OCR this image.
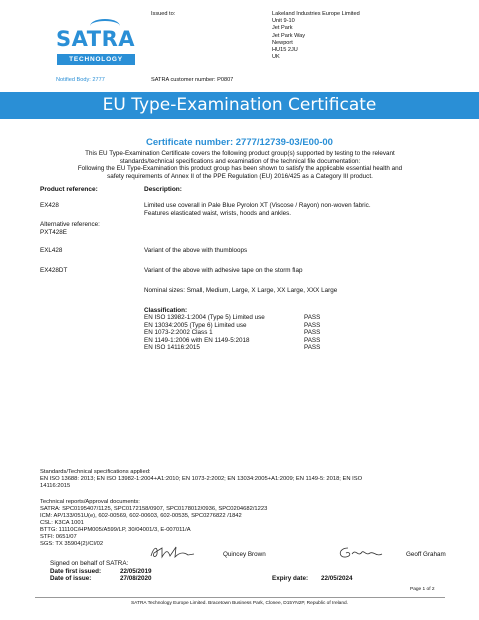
SATRA
TECHNOLOGY
Issued to:	Lakeland Industries Europe Limited
Unit 9-10
Jet Park
Jet Park Way
Newport
HU15 2JU
UK
Notified Body: 2777	SATRA customer number: P0807
EU Type-Examination Certificate
Certificate number: 2777/12739-03/E00-00
This EU Type-Examination Certificate covers the following product group(s) supported by testing to the relevant
standards/technical specifications and examination of the technical file documentation:
Following the EU Type-Examination this product group has been shown to satisfy the applicable essential health and
safety requirements of Annex II of the PPE Regulation (EU) 2016/425 as a Category III product.
Product reference:	Description:
EX428	Limited use coverall in Pale Blue Pyrolon XT (Viscose / Rayon) non-woven fabric.
Features elasticated waist, wrists, hoods and ankles.
Alternative reference:
PXT428E
EXL428	Variant of the above with thumbloops
EX428DT	Variant of the above with adhesive tape on the storm flap
Nominal sizes: Small, Medium, Large, X Large, XX Large, XXX Large
Classification:
EN ISO 13982-1:2004 (Type 5) Limited use	PASS
EN 13034:2005 (Type 6) Limited use	PASS
EN 1073-2:2002 Class 1	PASS
EN 1149-1:2006 with EN 1149-5:2018	PASS
EN ISO 14116:2015	PASS
Standards/Technical specifications applied:
EN ISO 13688: 2013; EN ISO 13982-1:2004+A1:2010; EN 1073-2:2002; EN 13034:2005+A1:2009; EN 1149-5: 2018; EN ISO
14116:2015
Technical reports/Approval documents:
SATRA: SPC0195407/1125, SPC0172158/0907, SPC0178012/0936, SPC0204682/1223
ICM: AP/133/051U(e), 602-00569, 602-00603, 602-00535, SPC0276822 /1842
CSL: K3CA 1001
BTTG: 11110C/HPM005/A599/LP, 30/04001/3, E-007011/A
STFI: 0651/07
SGS: TX 35904(2)/CI/02
Quincey Brown	Geoff Graham
Signed on behalf of SATRA:
Date first issued:	22/05/2019
Date of issue:	27/08/2020	Expiry date:	22/05/2024
Page 1 of 2
SATRA Technology Europe Limited. Bracetown Business Park, Clonee, D15YN2P, Republic of Ireland.
